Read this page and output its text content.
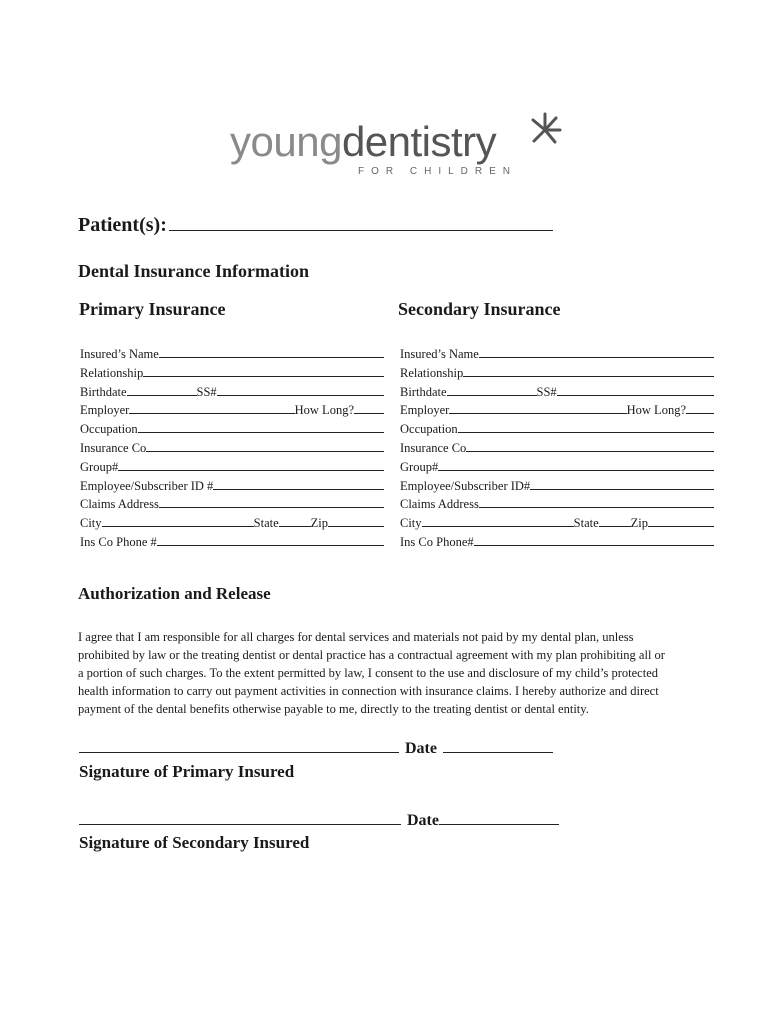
youngdentistry
FOR CHILDREN
Patient(s):
Dental Insurance Information
Primary Insurance	Secondary Insurance
Insured’s Name
Relationship
Birthdate	SS#
Employer	How Long?
Occupation
Insurance Co
Group#
Employee/Subscriber ID #
Claims Address
City	State	Zip
Ins Co Phone #
Insured’s Name
Relationship
Birthdate	SS#
Employer	How Long?
Occupation
Insurance Co
Group#
Employee/Subscriber ID#
Claims Address
City	State	Zip
Ins Co Phone#
Authorization and Release
I agree that I am responsible for all charges for dental services and materials not paid by my dental plan, unless
prohibited by law or the treating dentist or dental practice has a contractual agreement with my plan prohibiting all or
a portion of such charges. To the extent permitted by law, I consent to the use and disclosure of my child’s protected
health information to carry out payment activities in connection with insurance claims. I hereby authorize and direct
payment of the dental benefits otherwise payable to me, directly to the treating dentist or dental entity.
Date
Signature of Primary Insured
Date
Signature of Secondary Insured
